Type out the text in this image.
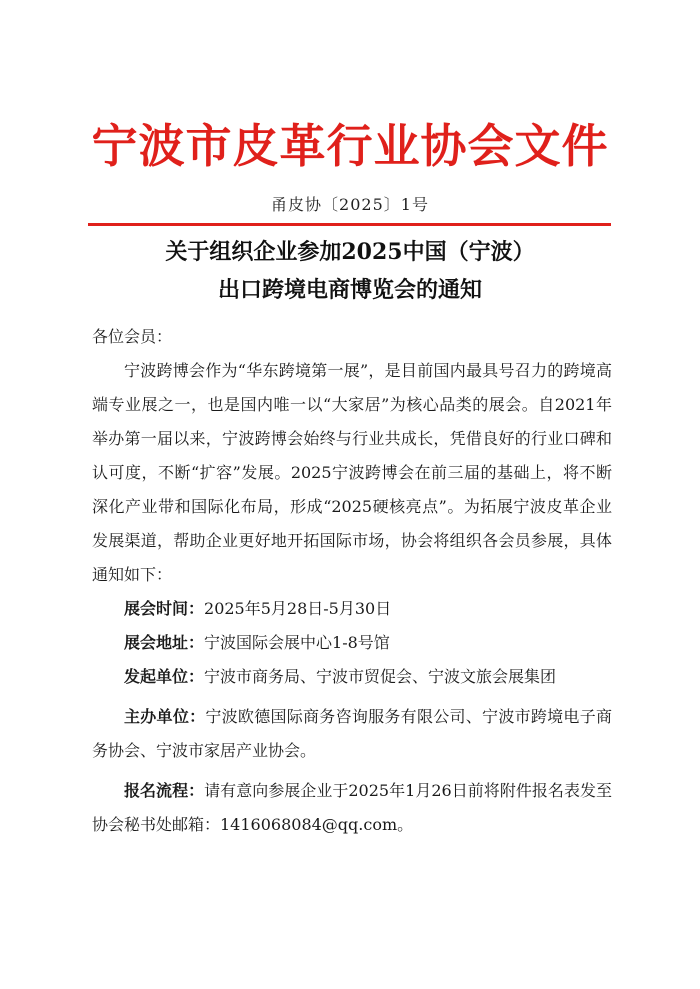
宁波市皮革行业协会文件
甬皮协〔2025〕1号
关于组织企业参加2025中国（宁波）
出口跨境电商博览会的通知

各位会员：

宁波跨博会作为“华东跨境第一展”，是目前国内最具号召力的跨境高端专业展之一，也是国内唯一以“大家居”为核心品类的展会。自2021年举办第一届以来，宁波跨博会始终与行业共成长，凭借良好的行业口碑和认可度，不断“扩容”发展。2025宁波跨博会在前三届的基础上，将不断深化产业带和国际化布局，形成“2025硬核亮点”。为拓展宁波皮革企业发展渠道，帮助企业更好地开拓国际市场，协会将组织各会员参展，具体通知如下：

展会时间：2025年5月28日-5月30日

展会地址：宁波国际会展中心1-8号馆

发起单位：宁波市商务局、宁波市贸促会、宁波文旅会展集团

主办单位：宁波欧德国际商务咨询服务有限公司、宁波市跨境电子商务协会、宁波市家居产业协会。

报名流程：请有意向参展企业于2025年1月26日前将附件报名表发至协会秘书处邮箱：1416068084@qq.com。
